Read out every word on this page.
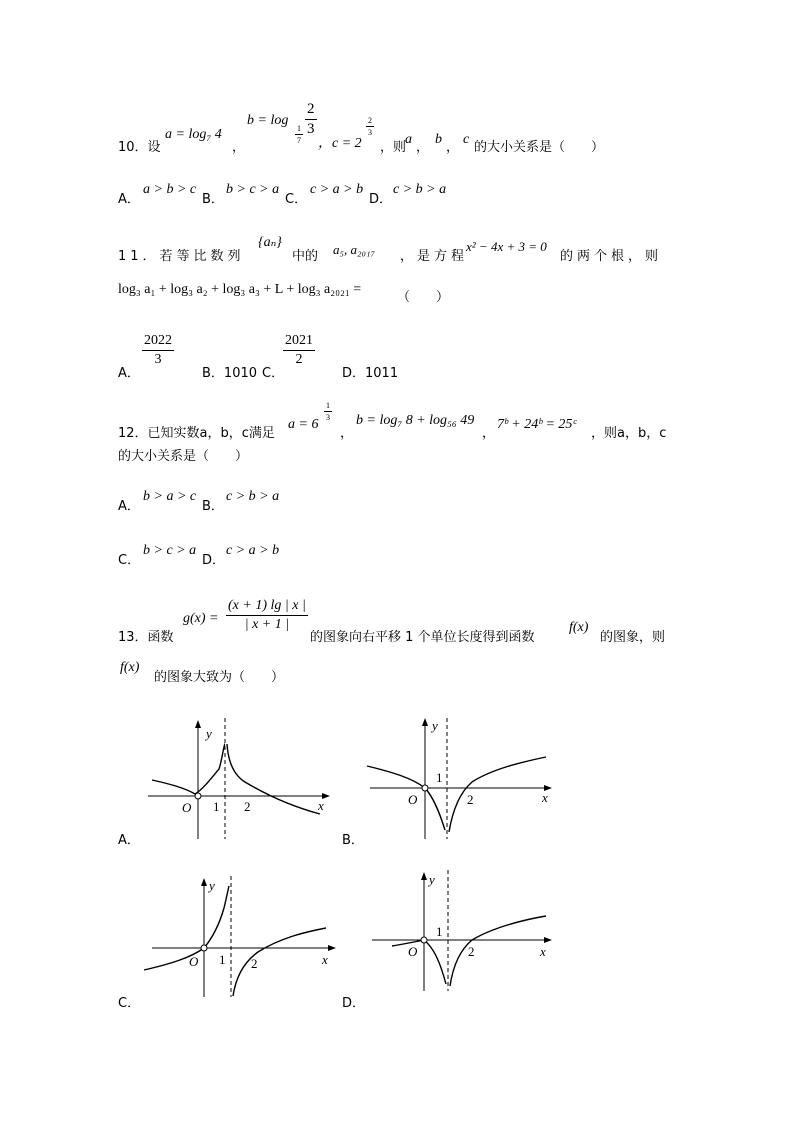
10．设
a = log₇ 4
，
b = log
1
7
2
3
，c = 2
2
3
，则
a
，
b
，
c
的大小关系是（　　）
A．
a > b > c
B．
b > c > a
C．
c > a > b
D．
c > b > a
11．若等比数列
{aₙ}
中的 a₅, a₂₀₁₇ ，是方程
x² − 4x + 3 = 0
的两个根，则
log₃ a₁ + log₃ a₂ + log₃ a₃ + L + log₃ a₂₀₂₁ =
（　　）
A．
2022
3
B．1010 C．
2021
2
D．1011
12．已知实数a，b，c满足
a = 6
1
3
，
b = log₇ 8 + log₅₆ 49
，
7ᵇ + 24ᵇ = 25ᶜ
，则a，b，c
的大小关系是（　　）
A．
b > a > c
B．
c > b > a
C．
b > c > a
D．
c > a > b
13．函数
g(x) =
(x + 1) lg | x |
| x + 1 |
的图象向右平移 1 个单位长度得到函数
f(x)
的图象，则
f(x)
的图象大致为（　　）
A．
y
x
O 1 2
B．
y
x
O
1
2
C．
y
x
O 1 2
D．
y
x
O
1
2
